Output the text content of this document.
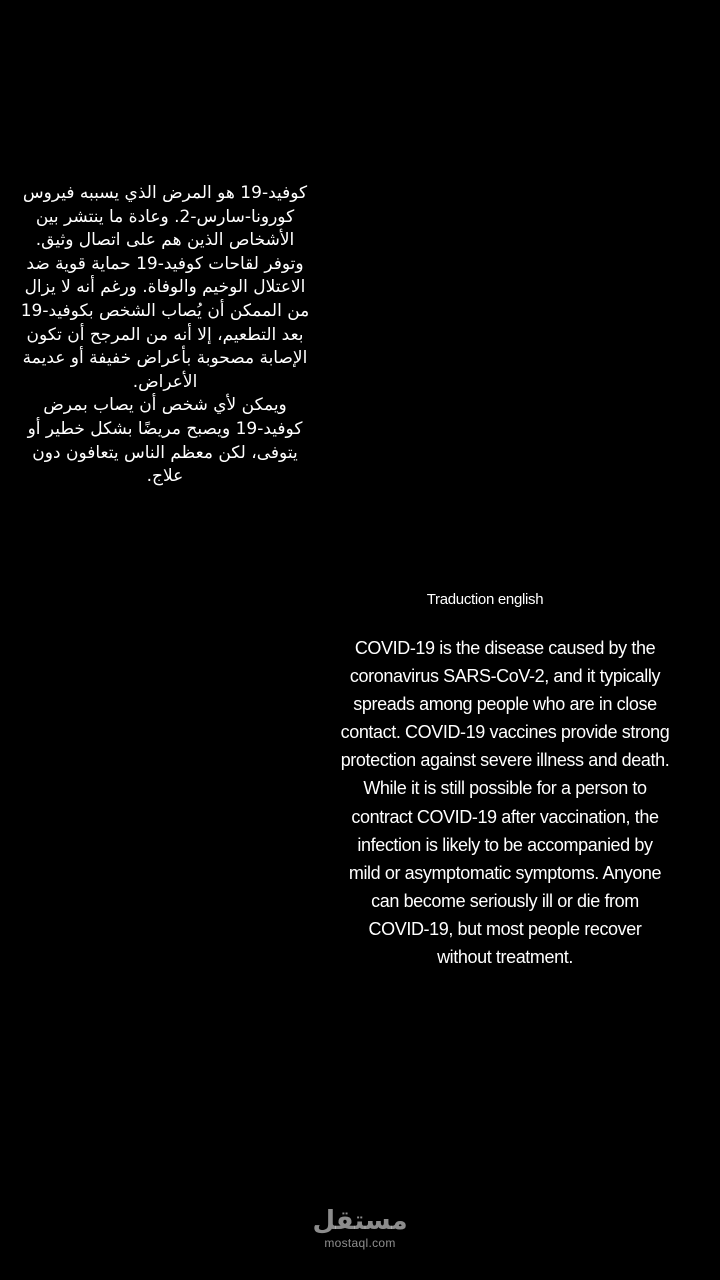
كوفيد-19 هو المرض الذي يسببه فيروس كورونا-سارس-2. وعادة ما ينتشر بين الأشخاص الذين هم على اتصال وثيق.

وتوفر لقاحات كوفيد-19 حماية قوية ضد الاعتلال الوخيم والوفاة. ورغم أنه لا يزال من الممكن أن يُصاب الشخص بكوفيد-19 بعد التطعيم، إلا أنه من المرجح أن تكون الإصابة مصحوبة بأعراض خفيفة أو عديمة الأعراض.

ويمكن لأي شخص أن يصاب بمرض كوفيد-19 ويصبح مريضًا بشكل خطير أو يتوفى، لكن معظم الناس يتعافون دون علاج.

Traduction english

COVID-19 is the disease caused by the coronavirus SARS-CoV-2, and it typically spreads among people who are in close contact. COVID-19 vaccines provide strong protection against severe illness and death. While it is still possible for a person to contract COVID-19 after vaccination, the infection is likely to be accompanied by mild or asymptomatic symptoms. Anyone can become seriously ill or die from COVID-19, but most people recover without treatment.

مستقل
mostaql.com
